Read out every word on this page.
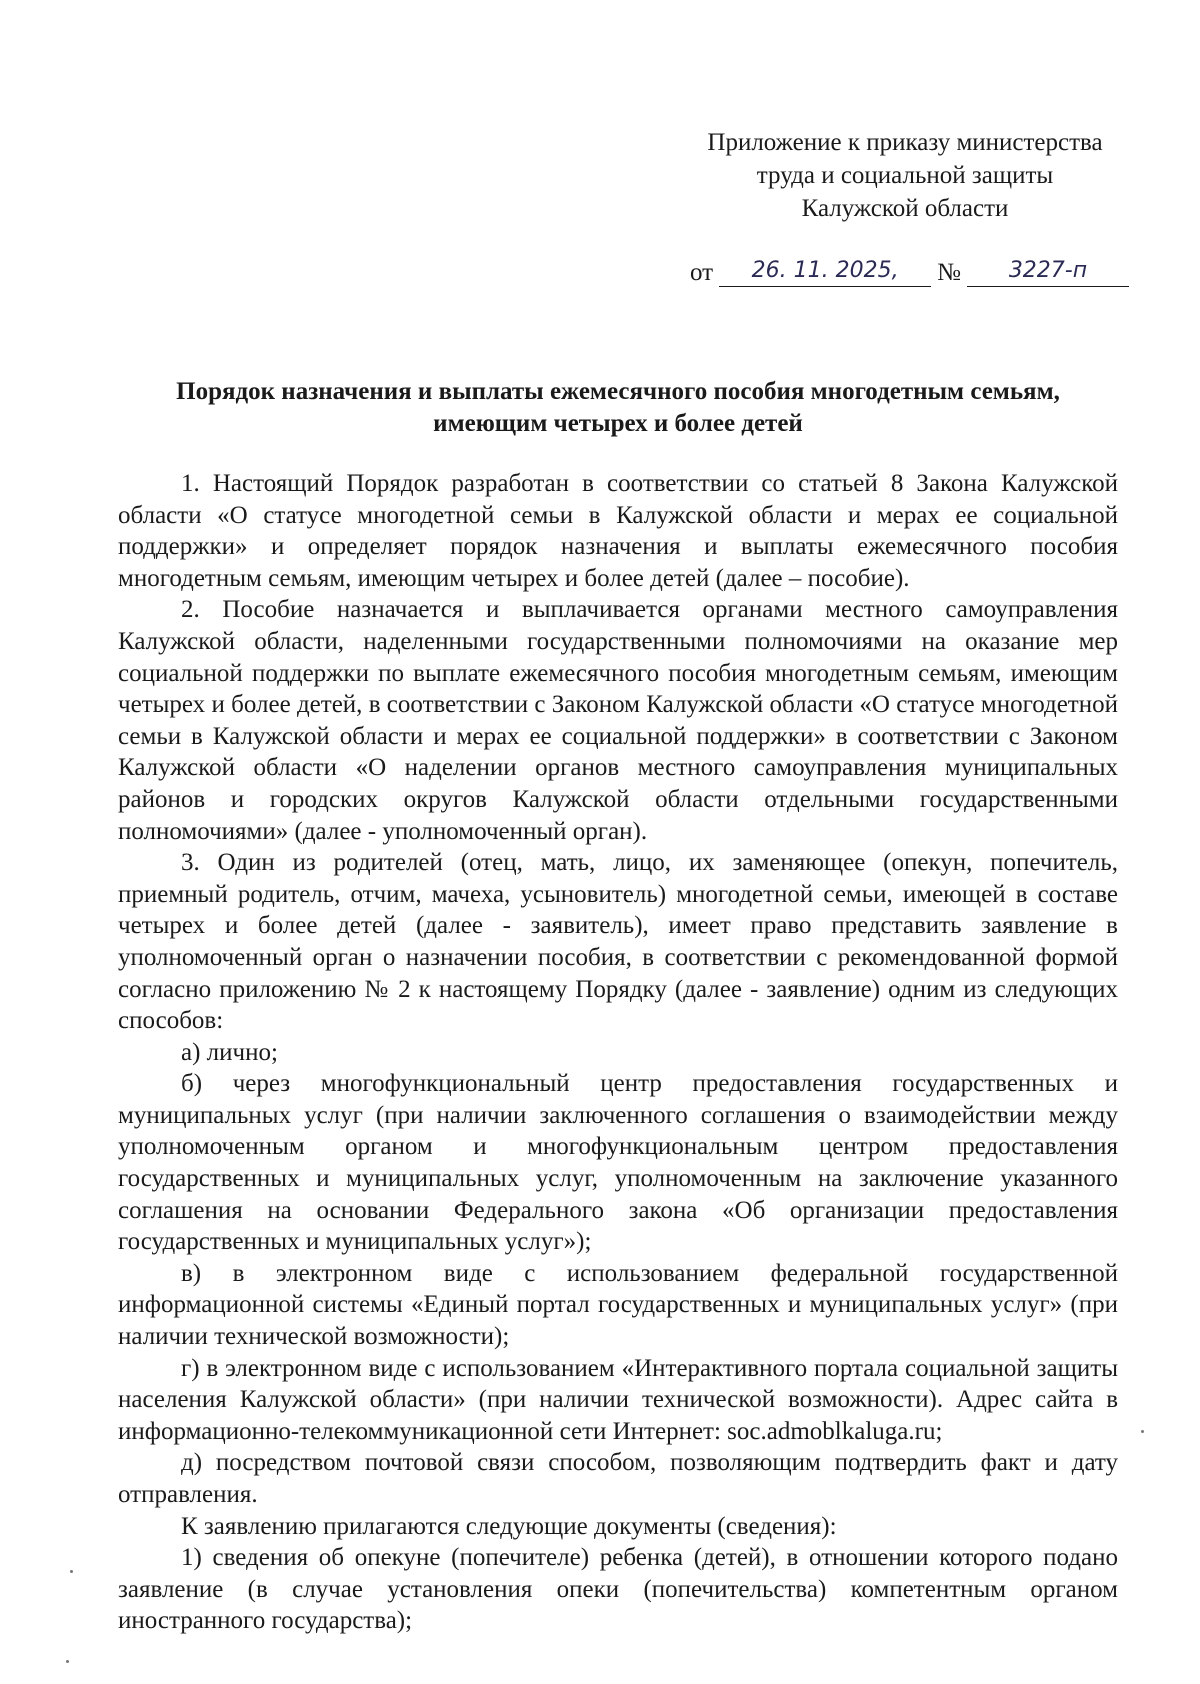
Приложение к приказу министерства
труда и социальной защиты
Калужской области
от	26. 11. 2025,	№	3227-п
Порядок назначения и выплаты ежемесячного пособия многодетным семьям,
имеющим четырех и более детей

1. Настоящий Порядок разработан в соответствии со статьей 8 Закона Калужской области «О статусе многодетной семьи в Калужской области и мерах ее социальной поддержки» и определяет порядок назначения и выплаты ежемесячного пособия многодетным семьям, имеющим четырех и более детей (далее – пособие).

2. Пособие назначается и выплачивается органами местного самоуправления Калужской области, наделенными государственными полномочиями на оказание мер социальной поддержки по выплате ежемесячного пособия многодетным семьям, имеющим четырех и более детей, в соответствии с Законом Калужской области «О статусе многодетной семьи в Калужской области и мерах ее социальной поддержки» в соответствии с Законом Калужской области «О наделении органов местного самоуправления муниципальных районов и городских округов Калужской области отдельными государственными полномочиями» (далее - уполномоченный орган).

3. Один из родителей (отец, мать, лицо, их заменяющее (опекун, попечитель, приемный родитель, отчим, мачеха, усыновитель) многодетной семьи, имеющей в составе четырех и более детей (далее - заявитель), имеет право представить заявление в уполномоченный орган о назначении пособия, в соответствии с рекомендованной формой согласно приложению № 2 к настоящему Порядку (далее - заявление) одним из следующих способов:

а) лично;

б) через многофункциональный центр предоставления государственных и муниципальных услуг (при наличии заключенного соглашения о взаимодействии между уполномоченным органом и многофункциональным центром предоставления государственных и муниципальных услуг, уполномоченным на заключение указанного соглашения на основании Федерального закона «Об организации предоставления государственных и муниципальных услуг»);

в) в электронном виде с использованием федеральной государственной информационной системы «Единый портал государственных и муниципальных услуг» (при наличии технической возможности);

г) в электронном виде с использованием «Интерактивного портала социальной защиты населения Калужской области» (при наличии технической возможности). Адрес сайта в информационно-телекоммуникационной сети Интернет: soc.admoblkaluga.ru;

д) посредством почтовой связи способом, позволяющим подтвердить факт и дату отправления.

К заявлению прилагаются следующие документы (сведения):

1) сведения об опекуне (попечителе) ребенка (детей), в отношении которого подано заявление (в случае установления опеки (попечительства) компетентным органом иностранного государства);
